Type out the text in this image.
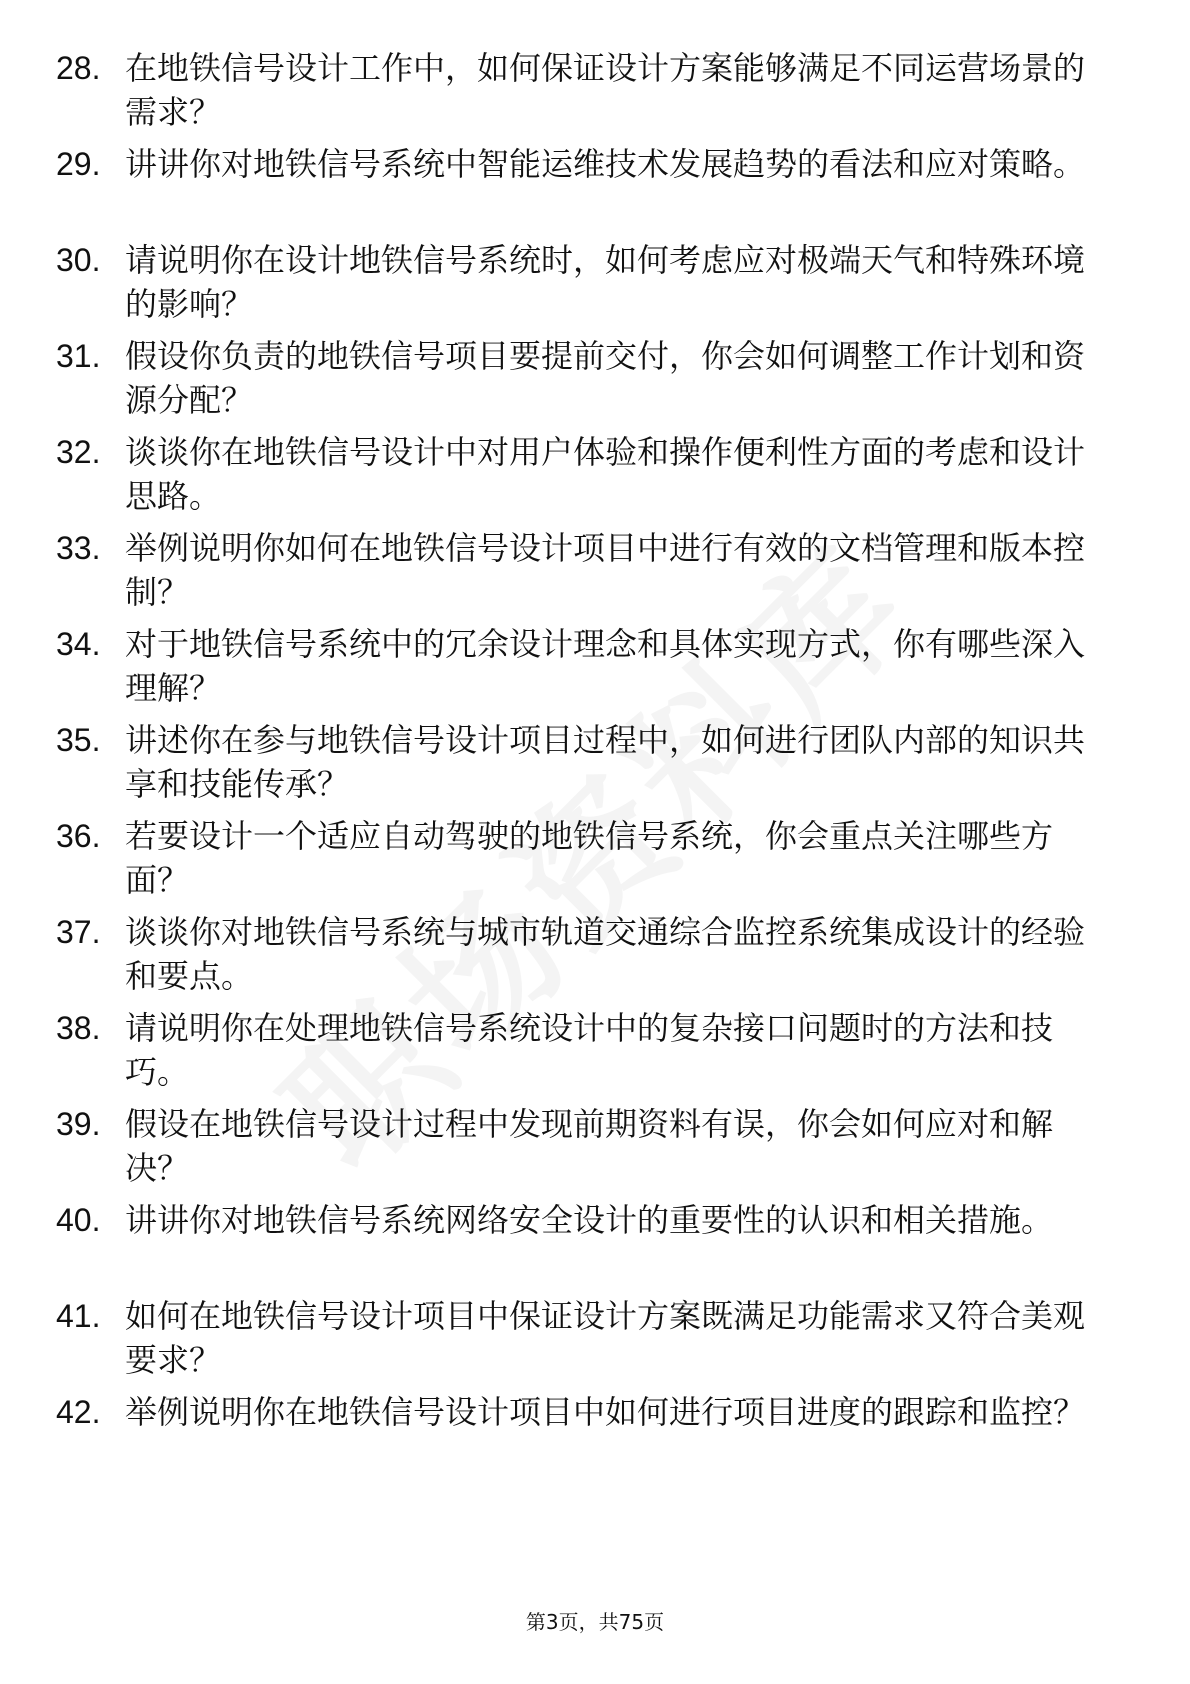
28. 在地铁信号设计工作中，如何保证设计方案能够满足不同运营场景的需求？
29. 讲讲你对地铁信号系统中智能运维技术发展趋势的看法和应对策略。
30. 请说明你在设计地铁信号系统时，如何考虑应对极端天气和特殊环境的影响？
31. 假设你负责的地铁信号项目要提前交付，你会如何调整工作计划和资源分配？
32. 谈谈你在地铁信号设计中对用户体验和操作便利性方面的考虑和设计思路。
33. 举例说明你如何在地铁信号设计项目中进行有效的文档管理和版本控制？
34. 对于地铁信号系统中的冗余设计理念和具体实现方式，你有哪些深入理解？
35. 讲述你在参与地铁信号设计项目过程中，如何进行团队内部的知识共享和技能传承？
36. 若要设计一个适应自动驾驶的地铁信号系统，你会重点关注哪些方面？
37. 谈谈你对地铁信号系统与城市轨道交通综合监控系统集成设计的经验和要点。
38. 请说明你在处理地铁信号系统设计中的复杂接口问题时的方法和技巧。
39. 假设在地铁信号设计过程中发现前期资料有误，你会如何应对和解决？
40. 讲讲你对地铁信号系统网络安全设计的重要性的认识和相关措施。
41. 如何在地铁信号设计项目中保证设计方案既满足功能需求又符合美观要求？
42. 举例说明你在地铁信号设计项目中如何进行项目进度的跟踪和监控？
第3页，共75页
